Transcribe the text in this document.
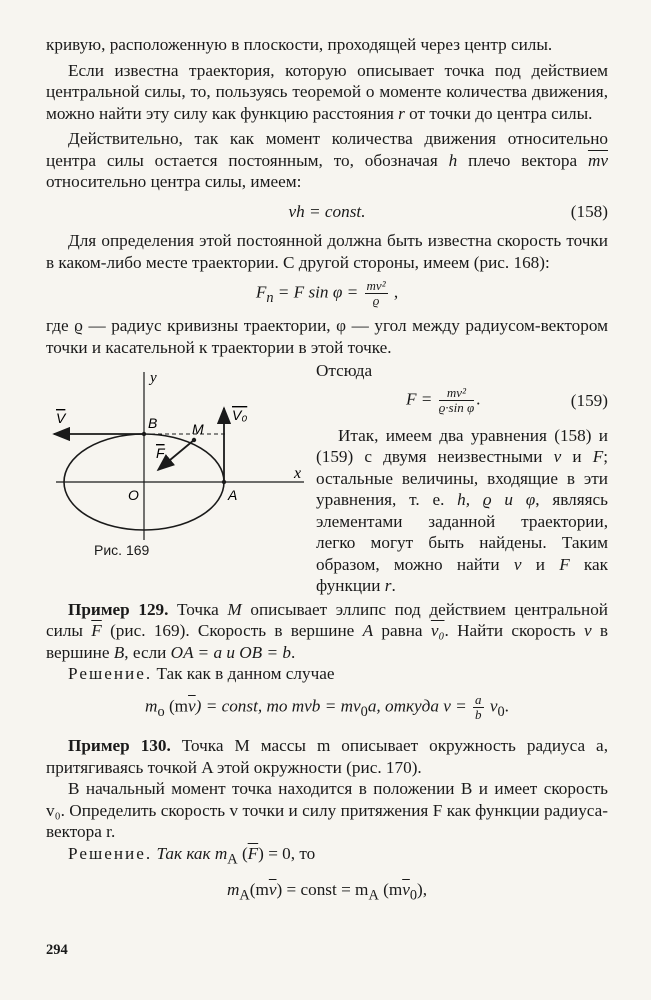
кривую, расположенную в плоскости, проходящей через центр силы.

Если известна траектория, которую описывает точка под действием центральной силы, то, пользуясь теоремой о моменте количества движения, можно найти эту силу как функцию расстояния r от точки до центра силы.

Действительно, так как момент количества движения относительно центра силы остается постоянным, то, обозначая h плечо вектора $\overline{mv}$ относительно центра силы, имеем:

vh = const.	(158)

Для определения этой постоянной должна быть известна скорость точки в каком-либо месте траектории. С другой стороны, имеем (рис. 168):

$F_n = F$ $\sin \varphi = \frac{\text{mv²}}{ϱ}$ ,

где ϱ — радиус кривизны траектории, φ — угол между радиусом-вектором точки и касательной к траектории в этой точке.

y
x
V	V₀
B M
F
O	A
Рис. 169
Отсюда
$F = \frac{\text{mv²}}{\text{ϱ·sin φ}}$ .	(159)

Итак, имеем два уравнения (158) и (159) с двумя неизвестными v и F; остальные величины, входящие в эти уравнения, т. е. h, ϱ и φ, являясь элементами заданной траектории, легко могут быть найдены. Таким образом, можно найти v и F как функции r.

Пример 129. Точка M описывает эллипс под действием центральной силы $\overline{F}$ (рис. 169). Скорость в вершине A равна v₀. Найти скорость v в вершине B, если OA = a и OB = b.

Решение. Так как в данном случае

$m_o$ $(m\overline{v})$ = const, то mvb = $mv_0a$, откуда $v = \frac{a}{b} v_0$.

Пример 130. Точка M массы m описывает окружность радиуса a, притягиваясь точкой A этой окружности (рис. 170).

В начальный момент точка находится в положении B и имеет скорость v₀. Определить скорость v точки и силу притяжения F как функции радиуса-вектора r.

Решение. Так как $m_A$ $(\overline{F}) = 0$, то

$m_A(m\overline{v})$ = const = $m_A$ $(m\overline{v}_0)$,
294
